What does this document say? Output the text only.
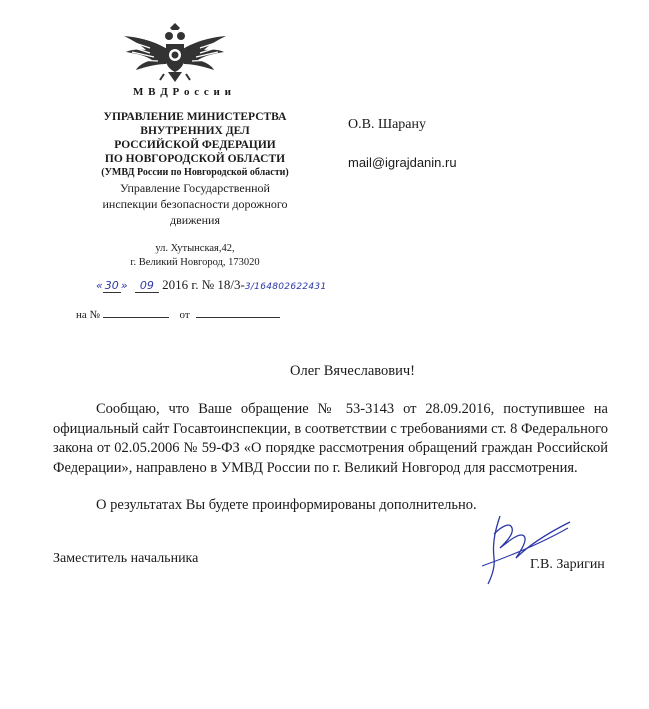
М В Д Р о с с и и
УПРАВЛЕНИЕ МИНИСТЕРСТВА
ВНУТРЕННИХ ДЕЛ
РОССИЙСКОЙ ФЕДЕРАЦИИ
ПО НОВГОРОДСКОЙ ОБЛАСТИ
(УМВД России по Новгородской области)
Управление Государственной
инспекции безопасности дорожного
движения
ул. Хутынская,42,
г. Великий Новгород, 173020
О.В. Шарану
mail@igrajdanin.ru
« 30 » 09 2016 г. № 18/3-3/164802622431
на №	от
Олег Вячеславович!

Сообщаю, что Ваше обращение № 53-3143 от 28.09.2016, поступившее на официальный сайт Госавтоинспекции, в соответствии с требованиями ст. 8 Федерального закона от 02.05.2006 № 59-ФЗ «О порядке рассмотрения обращений граждан Российской Федерации», направлено в УМВД России по г. Великий Новгород для рассмотрения.

О результатах Вы будете проинформированы дополнительно.
Заместитель начальника	Г.В. Заригин
